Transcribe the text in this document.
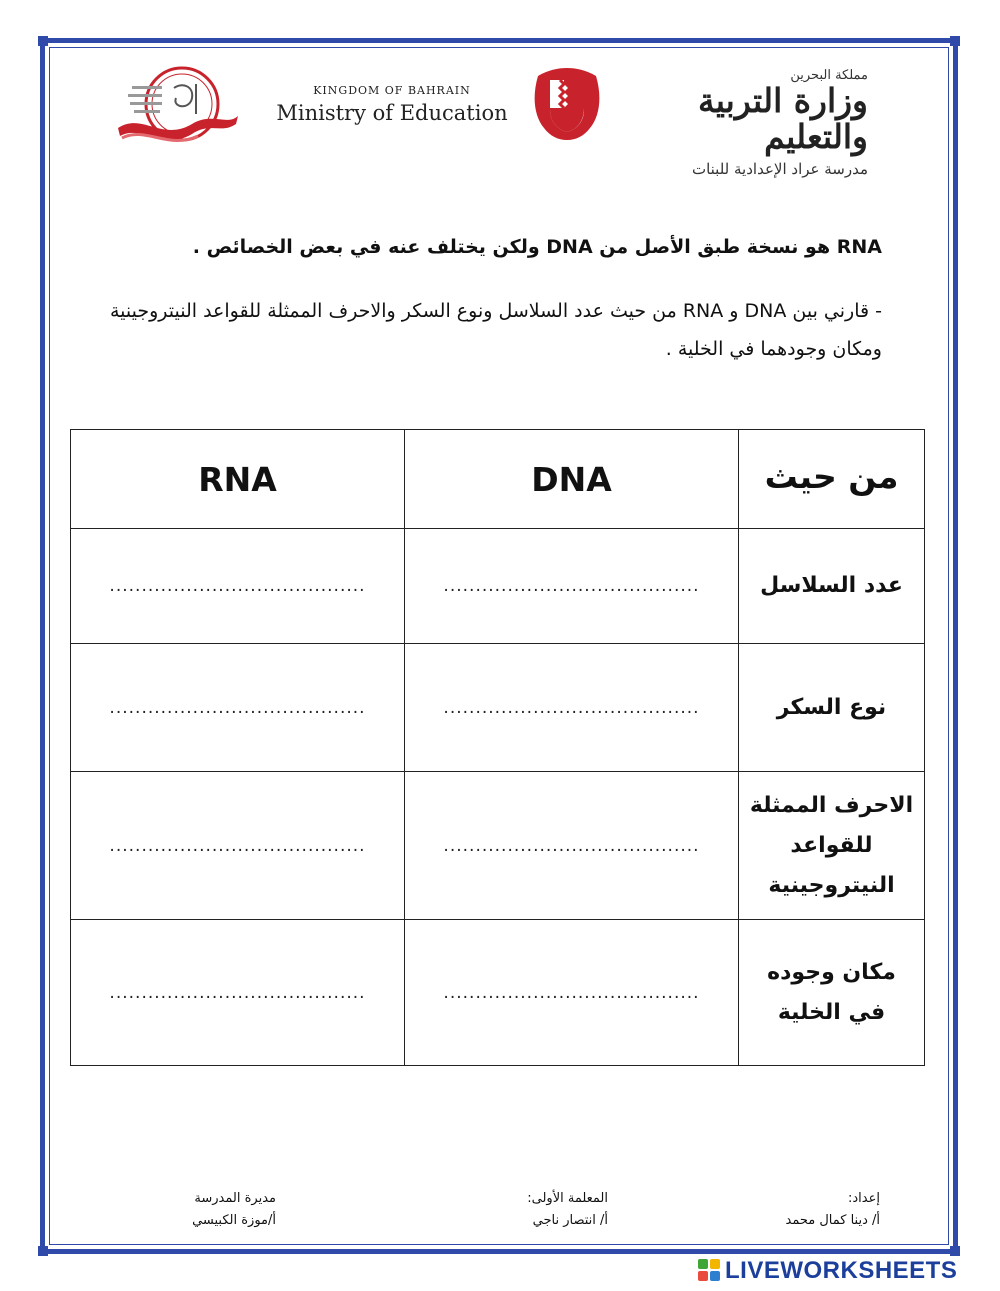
KINGDOM OF BAHRAIN
Ministry of Education
مملكة البحرين
وزارة التربية والتعليم
مدرسة عراد الإعدادية للبنات
RNA هو نسخة طبق الأصل من DNA ولكن يختلف عنه في بعض الخصائص .
- قارني بين DNA و RNA من حيث عدد السلاسل ونوع السكر والاحرف الممثلة للقواعد النيتروجينية ومكان وجودهما في الخلية .
من حيث	DNA	RNA
عدد السلاسل	........................................	........................................
نوع السكر	........................................	........................................
الاحرف الممثلة للقواعد النيتروجينية	........................................	........................................
مكان وجوده في الخلية	........................................	........................................
إعداد:
أ/ دينا كمال محمد
المعلمة الأولى:
أ/ انتصار ناجي
مديرة المدرسة
أ/موزة الكبيسي
LIVEWORKSHEETS
